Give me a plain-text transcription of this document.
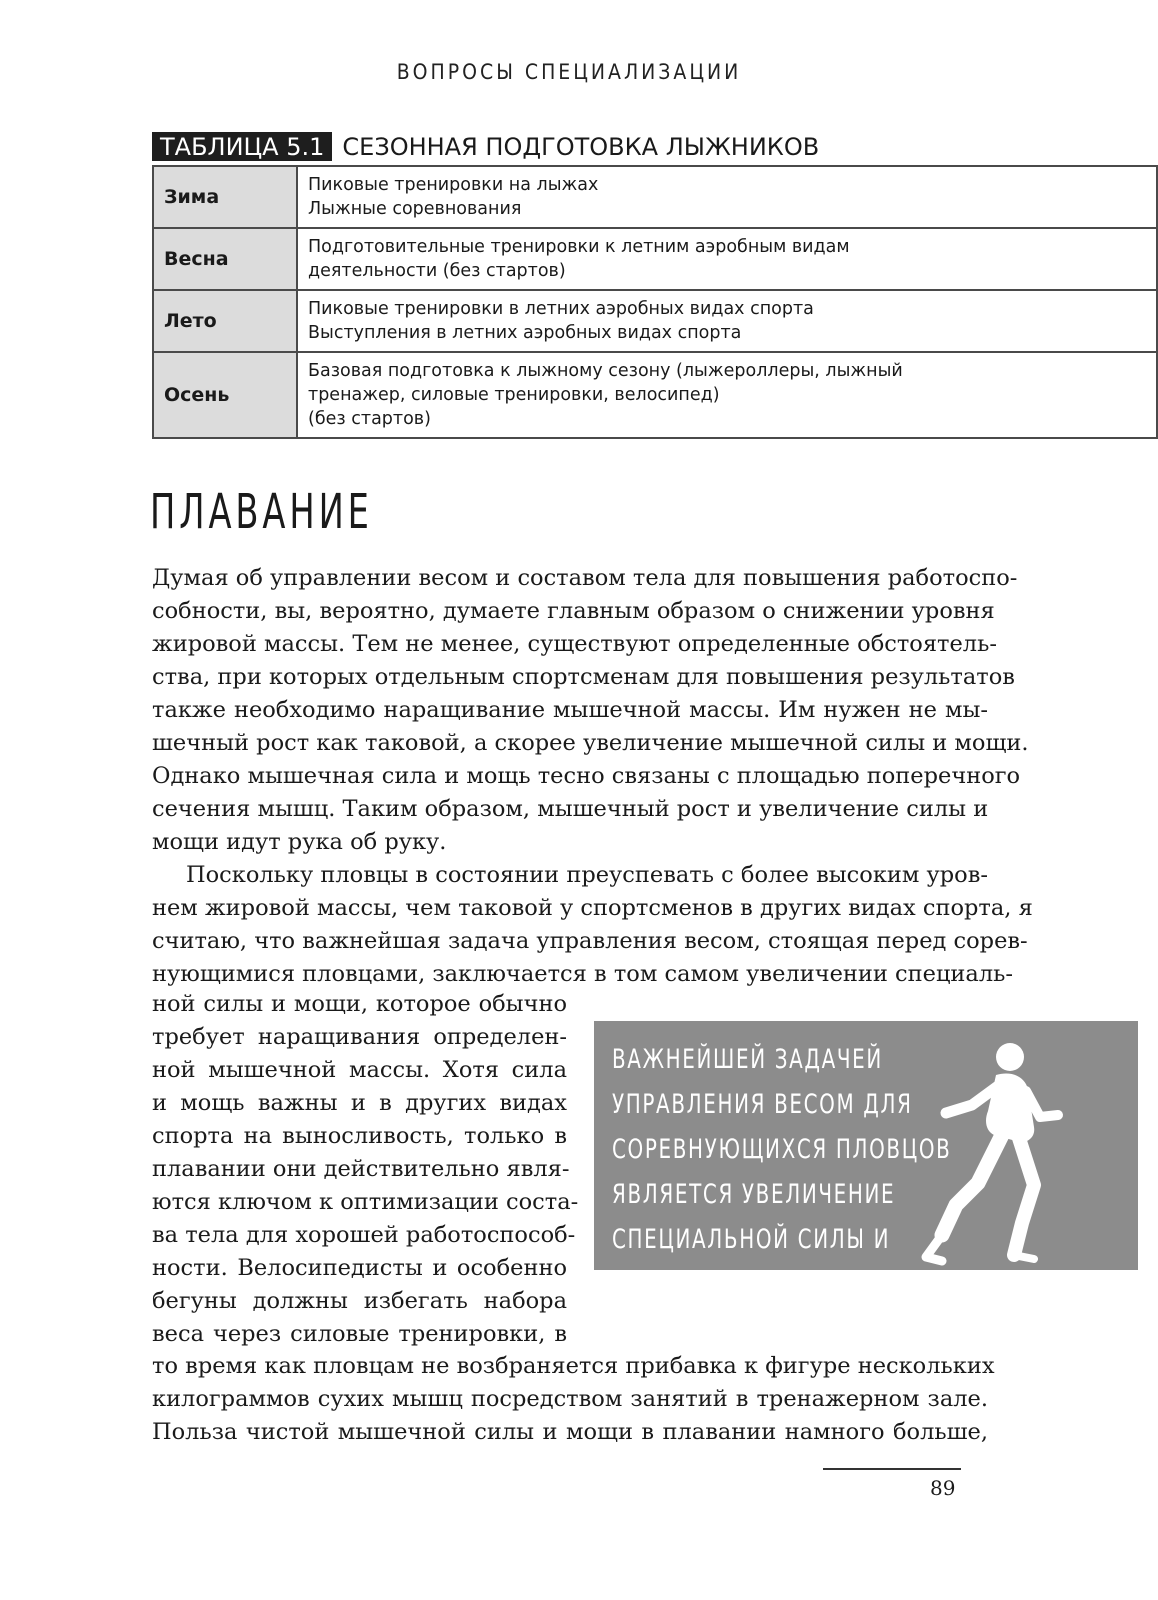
ВОПРОСЫ СПЕЦИАЛИЗАЦИИ
ТАБЛИЦА 5.1 СЕЗОННАЯ ПОДГОТОВКА ЛЫЖНИКОВ
Зима	Пиковые тренировки на лыжах
Лыжные соревнования

Весна	Подготовительные тренировки к летним аэробным видам
деятельности (без стартов)

Лето	Пиковые тренировки в летних аэробных видах спорта
Выступления в летних аэробных видах спорта

Осень	Базовая подготовка к лыжному сезону (лыжероллеры, лыжный
тренажер, силовые тренировки, велосипед)
(без стартов)
ПЛАВАНИЕ
Думая об управлении весом и составом тела для повышения работоспо-
собности, вы, вероятно, думаете главным образом о снижении уровня
жировой массы. Тем не менее, существуют определенные обстоятель-
ства, при которых отдельным спортсменам для повышения результатов
также необходимо наращивание мышечной массы. Им нужен не мы-
шечный рост как таковой, а скорее увеличение мышечной силы и мощи.
Однако мышечная сила и мощь тесно связаны с площадью поперечного
сечения мышц. Таким образом, мышечный рост и увеличение силы и
мощи идут рука об руку.
Поскольку пловцы в состоянии преуспевать с более высоким уров-
нем жировой массы, чем таковой у спортсменов в других видах спорта, я
считаю, что важнейшая задача управления весом, стоящая перед сорев-
нующимися пловцами, заключается в том самом увеличении специаль-
ной силы и мощи, которое обычно
требует наращивания определен-
ной мышечной массы. Хотя сила
и мощь важны и в других видах
спорта на выносливость, только в
плавании они действительно явля-
ются ключом к оптимизации соста-
ва тела для хорошей работоспособ-
ности. Велосипедисты и особенно
бегуны должны избегать набора
веса через силовые тренировки, в
ВАЖНЕЙШЕЙ ЗАДАЧЕЙ
УПРАВЛЕНИЯ ВЕСОМ ДЛЯ
СОРЕВНУЮЩИХСЯ ПЛОВЦОВ
ЯВЛЯЕТСЯ УВЕЛИЧЕНИЕ
СПЕЦИАЛЬНОЙ СИЛЫ И
МОЩИ.
то время как пловцам не возбраняется прибавка к фигуре нескольких
килограммов сухих мышц посредством занятий в тренажерном зале.
Польза чистой мышечной силы и мощи в плавании намного больше,
89
